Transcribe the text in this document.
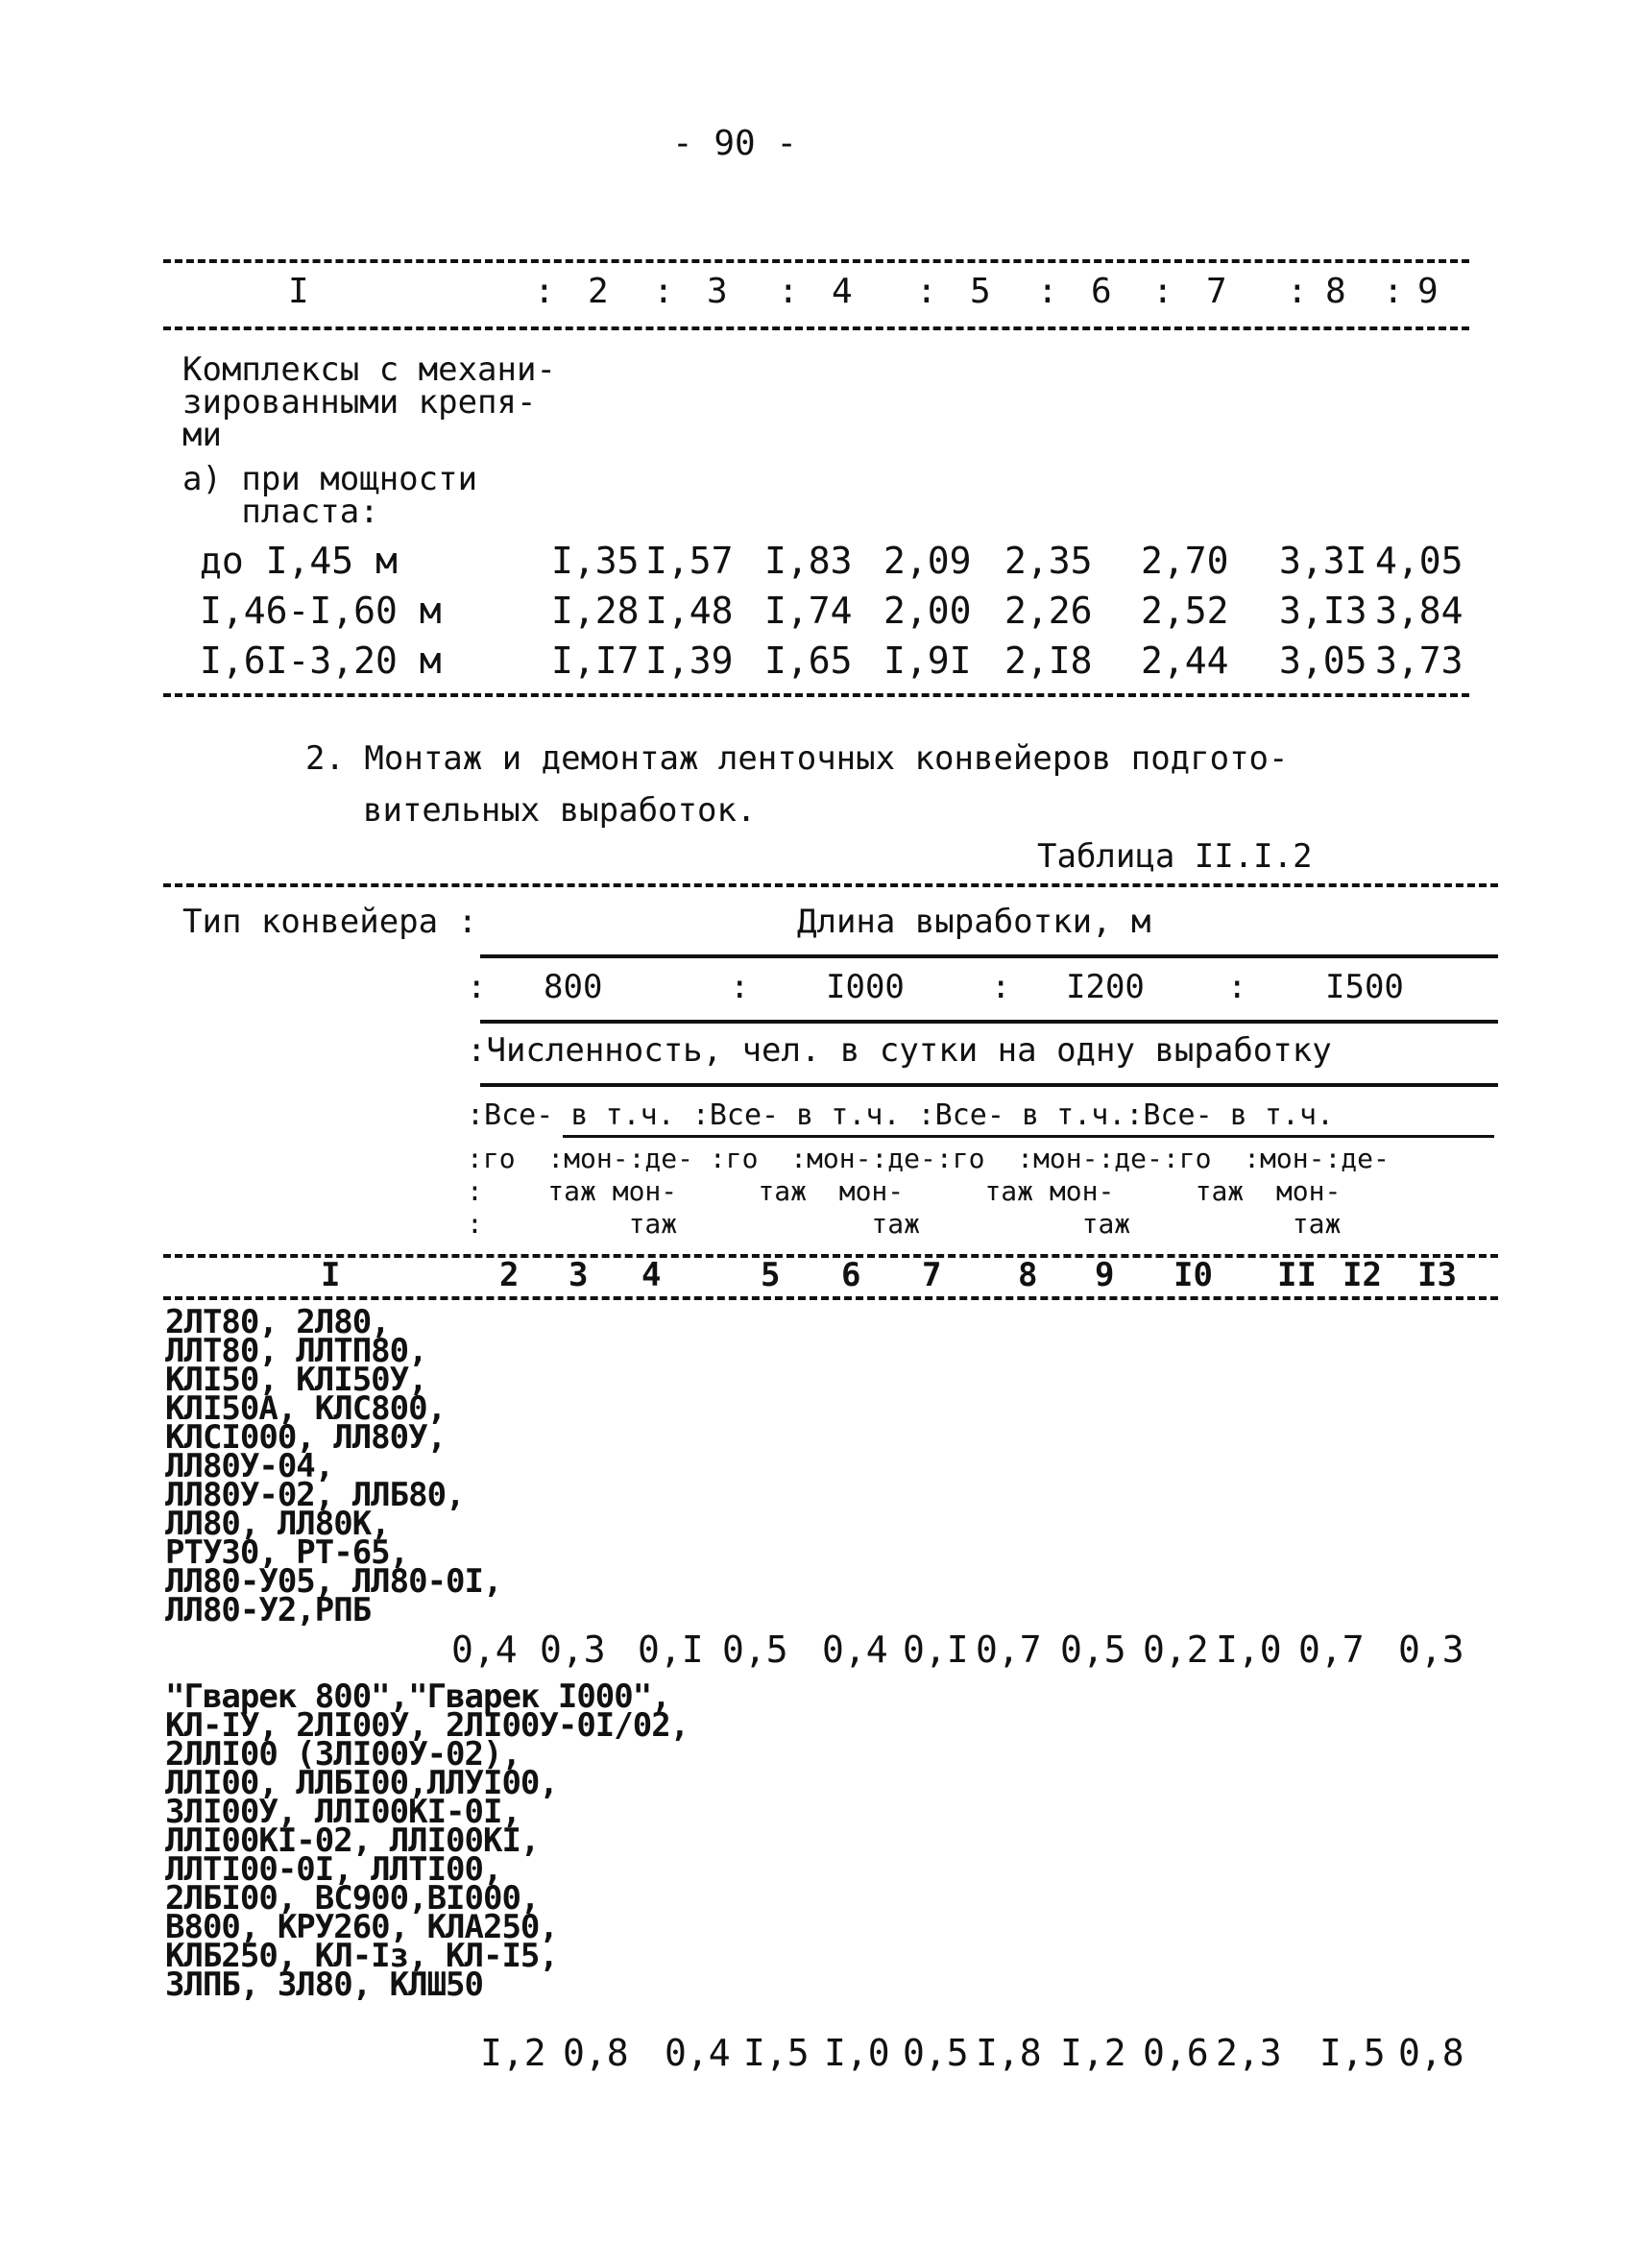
- 90 -
I	: 2 : 3 : 4 : 5 : 6 : 7 : 8 : 9
Комплексы с механи-
зированными крепя-
ми
а) при мощности
пласта:
до I,45 м	I,35 I,57 I,83 2,09 2,35 2,70 3,3I 4,05
I,46-I,60 м	I,28 I,48 I,74 2,00 2,26 2,52 3,I3 3,84
I,6I-3,20 м	I,I7 I,39 I,65 I,9I 2,I8 2,44 3,05 3,73
2. Монтаж и демонтаж ленточных конвейеров подгото-
вительных выработок.
Таблица II.I.2
Тип конвейера :	Длина выработки, м
: 800	I000	I200	I500
:	:	:
:Численность, чел. в сутки на одну выработку
:Все- в т.ч. :Все- в т.ч. :Все- в т.ч.:Все- в т.ч.
:го  :мон-:де- :го  :мон-:де-:го  :мон-:де-:го  :мон-:де-
:    таж мон-     таж  мон-     таж мон-     таж  мон-
:         таж            таж          таж          таж
I	2 3 4	5 6 7 8 9 I0 II I2 I3
2ЛТ80, 2Л80,
ЛЛТ80, ЛЛТП80,
КЛI50, КЛI50У,
КЛI50А, КЛС800,
КЛСI000, ЛЛ80У,
ЛЛ80У-04,
ЛЛ80У-02, ЛЛБ80,
ЛЛ80, ЛЛ80К,
РТУ30, РТ-65,
ЛЛ80-У05, ЛЛ80-0I,
ЛЛ80-У2,РПБ
0,4 0,3 0,I 0,5 0,4 0,I 0,7 0,5 0,2 I,0 0,7 0,3
"Гварек 800","Гварек I000",
КЛ-IУ, 2ЛI00У, 2ЛI00У-0I/02,
2ЛЛI00 (3ЛI00У-02),
ЛЛI00, ЛЛБI00,ЛЛУI00,
3ЛI00У, ЛЛI00КI-0I,
ЛЛI00КI-02, ЛЛI00КI,
ЛЛТI00-0I, ЛЛТI00,
2ЛБI00, ВС900,ВI000,
В800, КРУ260, КЛА250,
КЛБ250, КЛ-Iз, КЛ-I5,
3ЛПБ, 3Л80, КЛШ50
I,2 0,8 0,4 I,5 I,0 0,5 I,8 I,2 0,6 2,3 I,5 0,8
